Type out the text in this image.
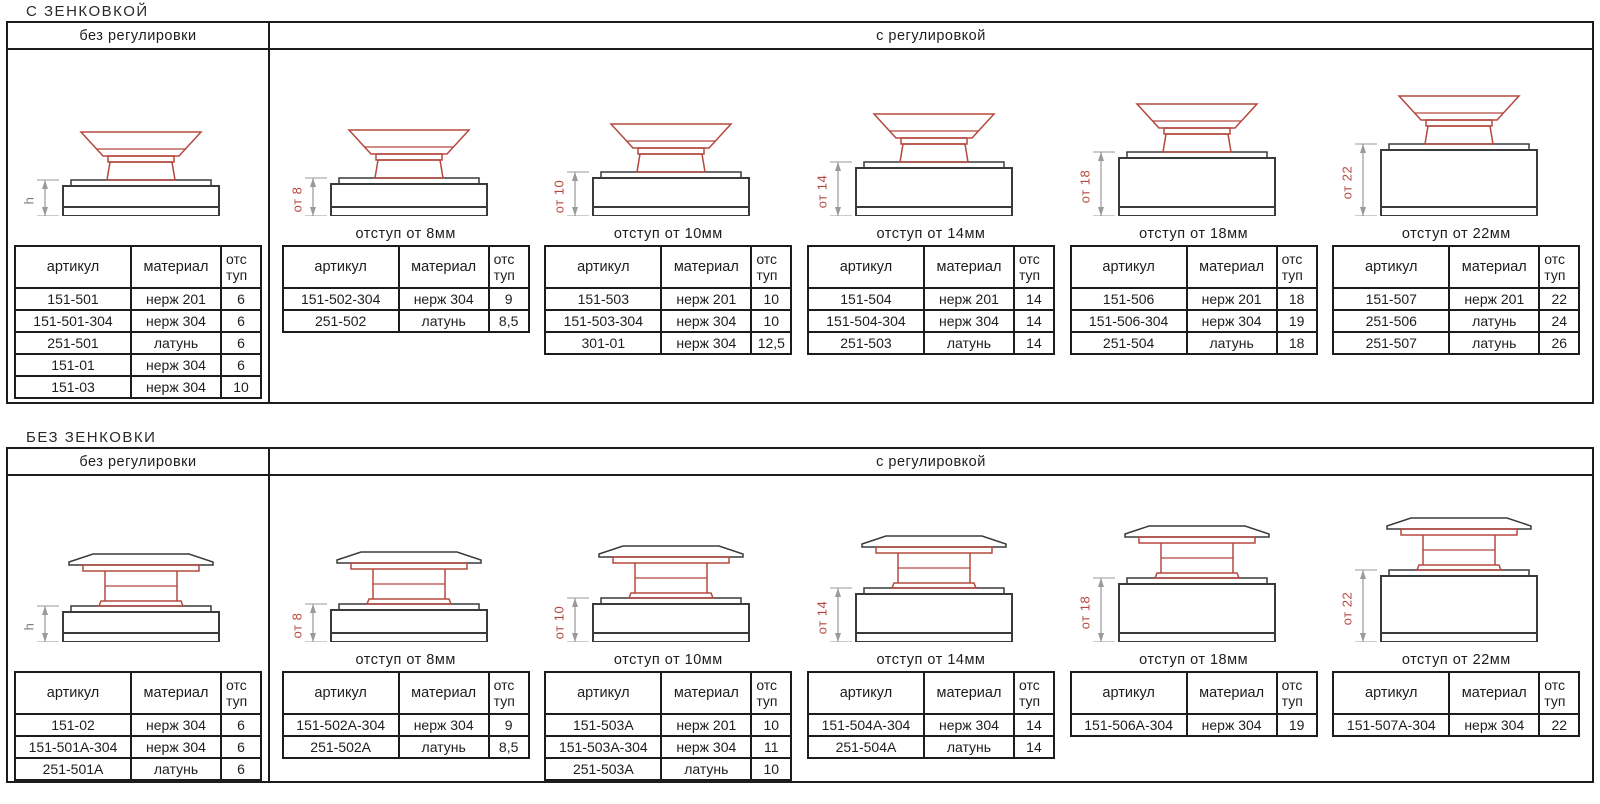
С ЗЕНКОВКОЙ
без регулировки
h
артикул	материал	отс
туп

151-501	нерж 201	6
151-501-304	нерж 304	6
251-501	латунь	6
151-01	нерж 304	6
151-03	нерж 304	10
с регулировкой
от 8
отступ от 8мм
артикул	материал	отс
туп

151-502-304	нерж 304	9
251-502	латунь	8,5
от 10
отступ от 10мм
артикул	материал	отс
туп

151-503	нерж 201	10
151-503-304	нерж 304	10
301-01	нерж 304	12,5
от 14
отступ от 14мм
артикул	материал	отс
туп

151-504	нерж 201	14
151-504-304	нерж 304	14
251-503	латунь	14
от 18
отступ от 18мм
артикул	материал	отс
туп

151-506	нерж 201	18
151-506-304	нерж 304	19
251-504	латунь	18
от 22
отступ от 22мм
артикул	материал	отс
туп

151-507	нерж 201	22
251-506	латунь	24
251-507	латунь	26
БЕЗ ЗЕНКОВКИ
без регулировки
h
артикул	материал	отс
туп

151-02	нерж 304	6
151-501А-304	нерж 304	6
251-501А	латунь	6
с регулировкой
от 8
отступ от 8мм
артикул	материал	отс
туп

151-502А-304	нерж 304	9
251-502А	латунь	8,5
от 10
отступ от 10мм
артикул	материал	отс
туп

151-503А	нерж 201	10
151-503А-304	нерж 304	11
251-503А	латунь	10
от 14
отступ от 14мм
артикул	материал	отс
туп

151-504А-304	нерж 304	14
251-504А	латунь	14
от 18
отступ от 18мм
артикул	материал	отс
туп

151-506А-304	нерж 304	19
от 22
отступ от 22мм
артикул	материал	отс
туп

151-507А-304	нерж 304	22
